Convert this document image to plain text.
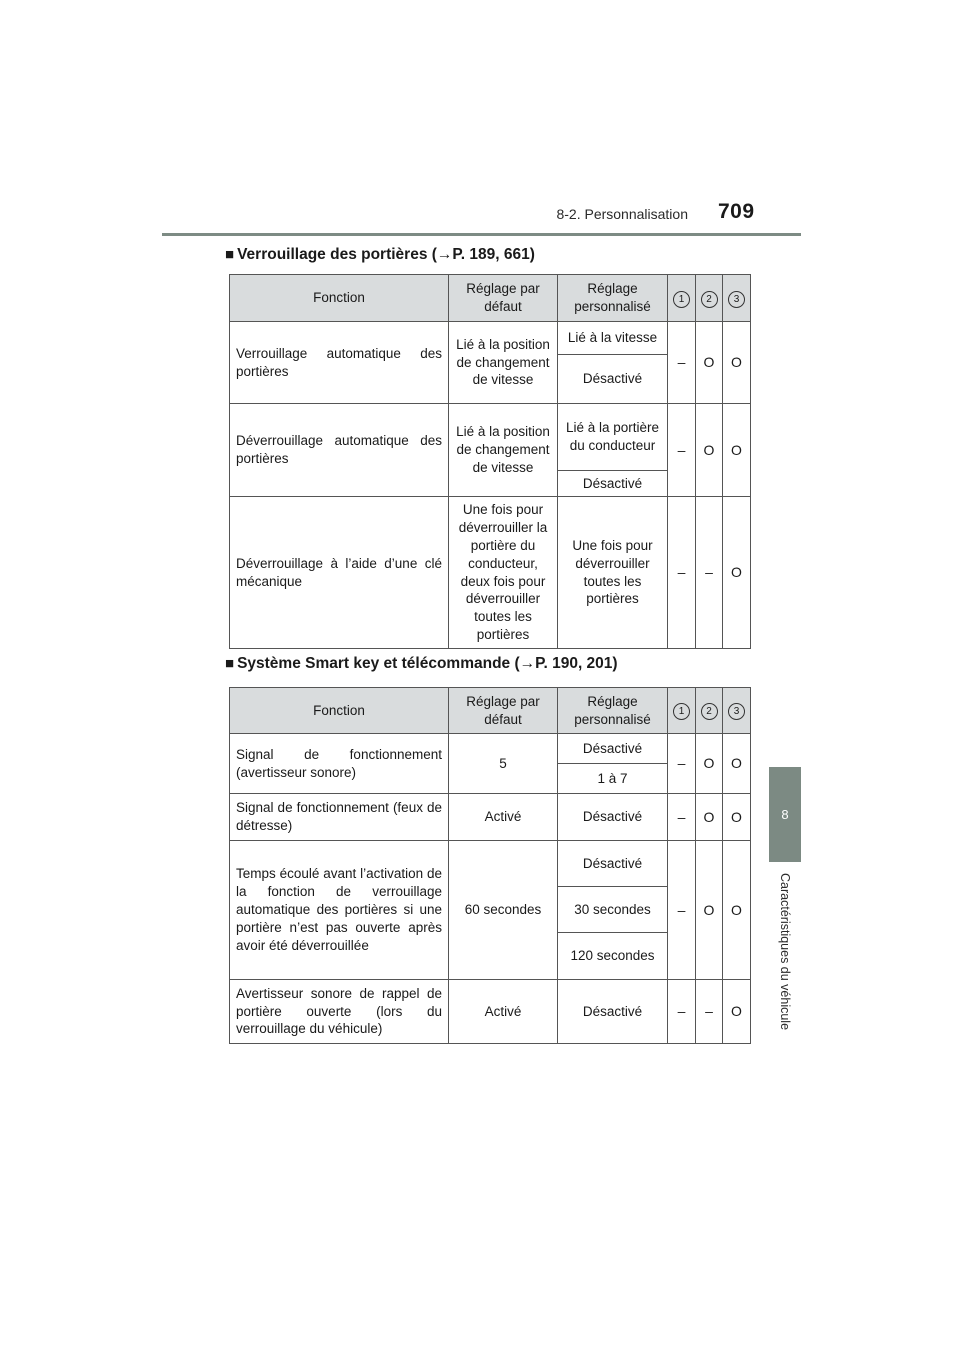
8-2. Personnalisation 709
8
Caractéristiques du véhicule
■ Verrouillage des portières (→P. 189, 661)
Fonction	Réglage par défaut	Réglage personnalisé	1	2	3
Verrouillage automatique des portières	Lié à la position de changement de vitesse	Lié à la vitesse	–	O	O
		Désactivé			
Déverrouillage automatique des portières	Lié à la position de changement de vitesse	Lié à la portière du conducteur	–	O	O
		Désactivé			
Déverrouillage à l’aide d’une clé mécanique	Une fois pour déverrouiller la portière du conducteur, deux fois pour déverrouiller toutes les portières	Une fois pour déverrouiller toutes les portières	–	–	O
■ Système Smart key et télécommande (→P. 190, 201)
Fonction	Réglage par défaut	Réglage personnalisé	1	2	3
Signal de fonctionnement (avertisseur sonore)	5	Désactivé	–	O	O
		1 à 7			
Signal de fonctionnement (feux de détresse)	Activé	Désactivé	–	O	O
Temps écoulé avant l’activation de la fonction de verrouillage automatique des portières si une portière n’est pas ouverte après avoir été déverrouillée	60 secondes	Désactivé	–	O	O
		30 secondes			
		120 secondes			
Avertisseur sonore de rappel de portière ouverte (lors du verrouillage du véhicule)	Activé	Désactivé	–	–	O
